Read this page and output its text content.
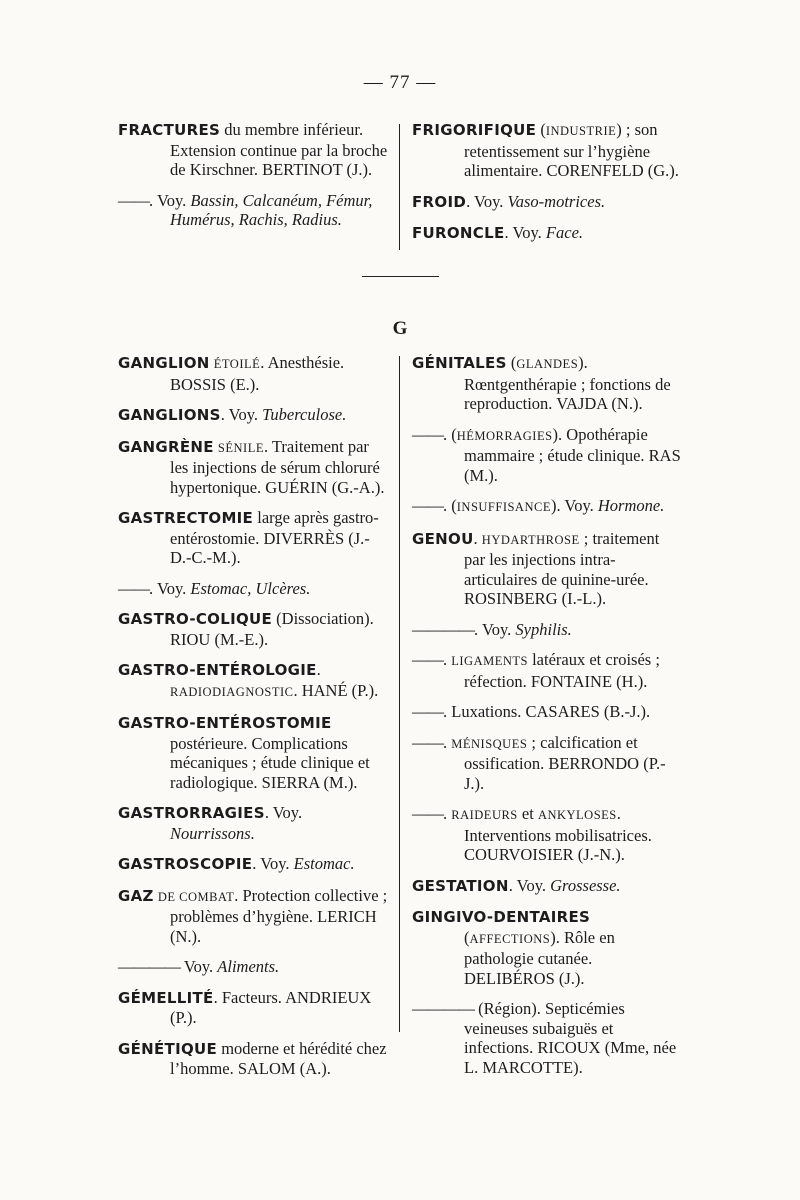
— 77 —
FRACTURES du membre inférieur. Extension continue par la broche de Kirschner. BERTINOT (J.).
——. Voy. Bassin, Calcanéum, Fémur, Humérus, Rachis, Radius.
FRIGORIFIQUE (INDUSTRIE) ; son retentissement sur l’hygiène alimentaire. CORENFELD (G.).
FROID. Voy. Vaso-motrices.
FURONCLE. Voy. Face.
G
GANGLION ÉTOILÉ. Anesthésie. BOSSIS (E.).
GANGLIONS. Voy. Tuberculose.
GANGRÈNE SÉNILE. Traitement par les injections de sérum chloruré hypertonique. GUÉRIN (G.-A.).
GASTRECTOMIE large après gastro-entérostomie. DIVERRÈS (J.-D.-C.-M.).
——. Voy. Estomac, Ulcères.
GASTRO-COLIQUE (Dissociation). RIOU (M.-E.).
GASTRO-ENTÉROLOGIE. RADIODIAGNOSTIC. HANÉ (P.).
GASTRO-ENTÉROSTOMIE postérieure. Complications mécaniques ; étude clinique et radiologique. SIERRA (M.).
GASTRORRAGIES. Voy. Nourrissons.
GASTROSCOPIE. Voy. Estomac.
GAZ DE COMBAT. Protection collective ; problèmes d’hygiène. LERICH (N.).
———— Voy. Aliments.
GÉMELLITÉ. Facteurs. ANDRIEUX (P.).
GÉNÉTIQUE moderne et hérédité chez l’homme. SALOM (A.).
GÉNITALES (GLANDES). Rœntgenthérapie ; fonctions de reproduction. VAJDA (N.).
——. (HÉMORRAGIES). Opothérapie mammaire ; étude clinique. RAS (M.).
——. (INSUFFISANCE). Voy. Hormone.
GENOU. HYDARTHROSE ; traitement par les injections intra-articulaires de quinine-urée. ROSINBERG (I.-L.).
————. Voy. Syphilis.
——. LIGAMENTS latéraux et croisés ; réfection. FONTAINE (H.).
——. Luxations. CASARES (B.-J.).
——. MÉNISQUES ; calcification et ossification. BERRONDO (P.-J.).
——. RAIDEURS et ANKYLOSES. Interventions mobilisatrices. COURVOISIER (J.-N.).
GESTATION. Voy. Grossesse.
GINGIVO-DENTAIRES (AFFECTIONS). Rôle en pathologie cutanée. DELIBÉROS (J.).
———— (Région). Septicémies veineuses subaiguës et infections. RICOUX (Mme, née L. MARCOTTE).
